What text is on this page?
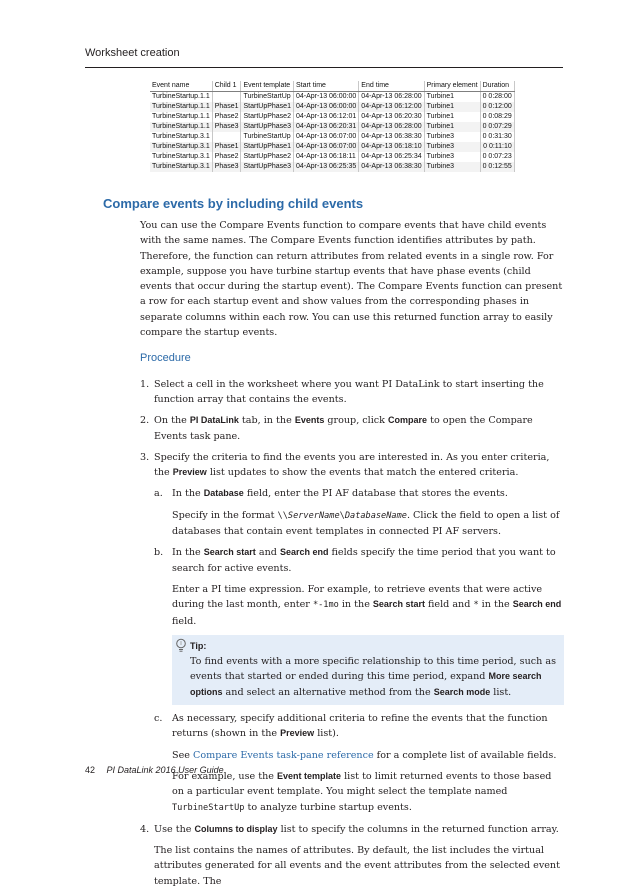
Worksheet creation
Event name	Child 1	Event template	Start time	End time	Primary element	Duration
TurbineStartup.1.1		TurbineStartUp	04-Apr-13 06:00:00	04-Apr-13 06:28:00	Turbine1	0 0:28:00
TurbineStartup.1.1	Phase1	StartUpPhase1	04-Apr-13 06:00:00	04-Apr-13 06:12:00	Turbine1	0 0:12:00
TurbineStartup.1.1	Phase2	StartUpPhase2	04-Apr-13 06:12:01	04-Apr-13 06:20:30	Turbine1	0 0:08:29
TurbineStartup.1.1	Phase3	StartUpPhase3	04-Apr-13 06:20:31	04-Apr-13 06:28:00	Turbine1	0 0:07:29
TurbineStartup.3.1		TurbineStartUp	04-Apr-13 06:07:00	04-Apr-13 06:38:30	Turbine3	0 0:31:30
TurbineStartup.3.1	Phase1	StartUpPhase1	04-Apr-13 06:07:00	04-Apr-13 06:18:10	Turbine3	0 0:11:10
TurbineStartup.3.1	Phase2	StartUpPhase2	04-Apr-13 06:18:11	04-Apr-13 06:25:34	Turbine3	0 0:07:23
TurbineStartup.3.1	Phase3	StartUpPhase3	04-Apr-13 06:25:35	04-Apr-13 06:38:30	Turbine3	0 0:12:55
Compare events by including child events

You can use the Compare Events function to compare events that have child events with the same names. The Compare Events function identifies attributes by path. Therefore, the function can return attributes from related events in a single row. For example, suppose you have turbine startup events that have phase events (child events that occur during the startup event). The Compare Events function can present a row for each startup event and show values from the corresponding phases in separate columns within each row. You can use this returned function array to easily compare the startup events.

Procedure
1. Select a cell in the worksheet where you want PI DataLink to start inserting the function array that contains the events.
2. On the PI DataLink tab, in the Events group, click Compare to open the Compare Events task pane.
3. Specify the criteria to find the events you are interested in. As you enter criteria, the Preview list updates to show the events that match the entered criteria.
a. In the Database field, enter the PI AF database that stores the events.

Specify in the format \\ServerName\DatabaseName. Click the field to open a list of databases that contain event templates in connected PI AF servers.

b. In the Search start and Search end fields specify the time period that you want to search for active events.

Enter a PI time expression. For example, to retrieve events that were active during the last month, enter *-1mo in the Search start field and * in the Search end field.

Tip:
To find events with a more specific relationship to this time period, such as events that started or ended during this time period, expand More search options and select an alternative method from the Search mode list.
c. As necessary, specify additional criteria to refine the events that the function returns (shown in the Preview list).

See Compare Events task-pane reference for a complete list of available fields.

For example, use the Event template list to limit returned events to those based on a particular event template. You might select the template named TurbineStartUp to analyze turbine startup events.

4. Use the Columns to display list to specify the columns in the returned function array.

The list contains the names of attributes. By default, the list includes the virtual attributes generated for all events and the event attributes from the selected event template. The

42 PI DataLink 2016 User Guide
